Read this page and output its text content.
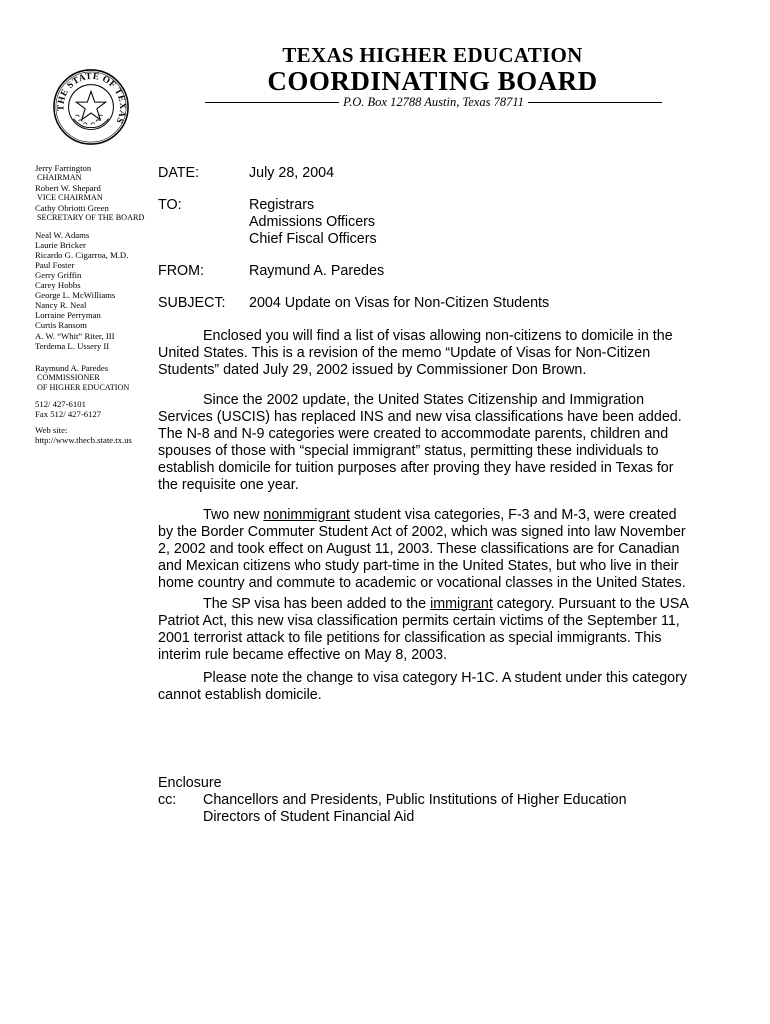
THE STATE OF TEXAS
TEXAS HIGHER EDUCATION
COORDINATING BOARD
P.O. Box 12788 Austin, Texas 78711
Jerry Farrington
CHAIRMAN
Robert W. Shepard
VICE CHAIRMAN
Cathy Obriotti Green
SECRETARY OF THE BOARD
Neal W. Adams
Laurie Bricker
Ricardo G. Cigarroa, M.D.
Paul Foster
Gerry Griffin
Carey Hobbs
George L. McWilliams
Nancy R. Neal
Lorraine Perryman
Curtis Ransom
A. W. “Whit” Riter, III
Terdema L. Ussery II
Raymund A. Paredes
COMMISSIONER
OF HIGHER EDUCATION
512/ 427-6101
Fax 512/ 427-6127
Web site:
http://www.thecb.state.tx.us
DATE:	July 28, 2004
TO:	Registrars
Admissions Officers
Chief Fiscal Officers
FROM:	Raymund A. Paredes
SUBJECT: 2004 Update on Visas for Non-Citizen Students
Enclosed you will find a list of visas allowing non-citizens to domicile in the
United States. This is a revision of the memo “Update of Visas for Non-Citizen
Students” dated July 29, 2002 issued by Commissioner Don Brown.
Since the 2002 update, the United States Citizenship and Immigration
Services (USCIS) has replaced INS and new visa classifications have been added.
The N-8 and N-9 categories were created to accommodate parents, children and
spouses of those with “special immigrant” status, permitting these individuals to
establish domicile for tuition purposes after proving they have resided in Texas for
the requisite one year.
Two new nonimmigrant student visa categories, F-3 and M-3, were created
by the Border Commuter Student Act of 2002, which was signed into law November
2, 2002 and took effect on August 11, 2003. These classifications are for Canadian
and Mexican citizens who study part-time in the United States, but who live in their
home country and commute to academic or vocational classes in the United States.
The SP visa has been added to the immigrant category. Pursuant to the USA
Patriot Act, this new visa classification permits certain victims of the September 11,
2001 terrorist attack to file petitions for classification as special immigrants. This
interim rule became effective on May 8, 2003.
Please note the change to visa category H-1C. A student under this category
cannot establish domicile.
Enclosure
cc: Chancellors and Presidents, Public Institutions of Higher Education
Directors of Student Financial Aid
